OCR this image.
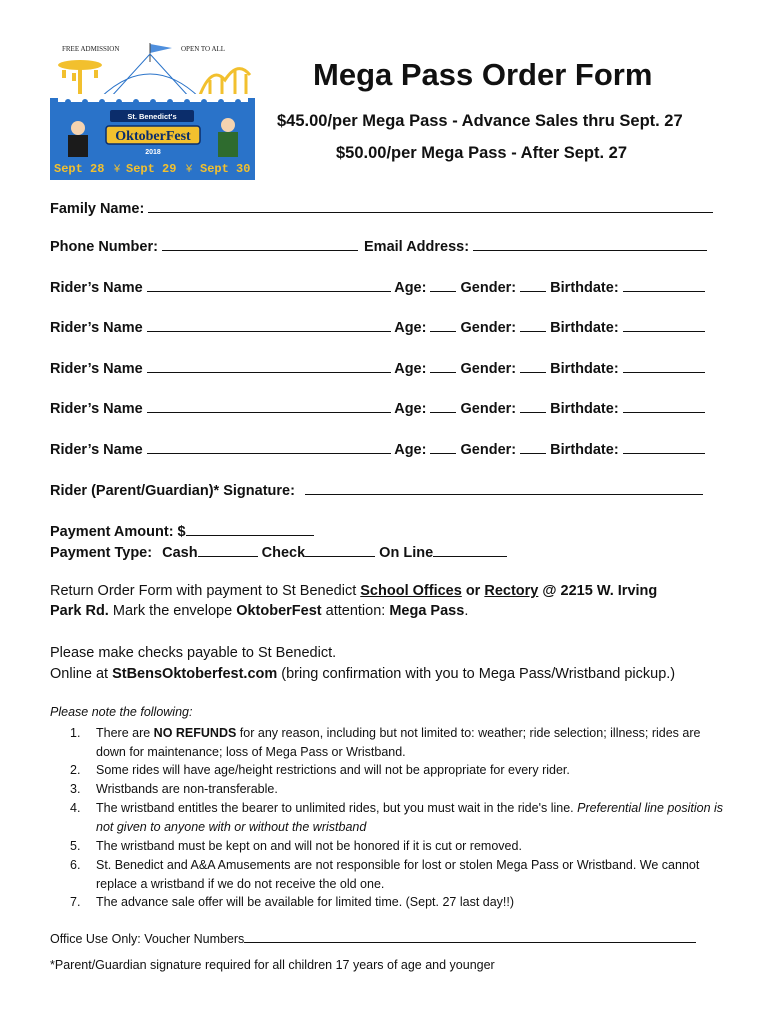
FREE ADMISSION	OPEN TO ALL
St. Benedict's
OktoberFest
2018
Sept 28 ¥ Sept 29 ¥ Sept 30
Mega Pass Order Form
$45.00/per Mega Pass - Advance Sales thru Sept. 27
$50.00/per Mega Pass - After Sept. 27
Family Name:
Phone Number:	Email Address:
Rider’s Name	Age: Gender: Birthdate:
Rider’s Name	Age: Gender: Birthdate:
Rider’s Name	Age: Gender: Birthdate:
Rider’s Name	Age: Gender: Birthdate:
Rider’s Name	Age: Gender: Birthdate:
Rider (Parent/Guardian)* Signature:
Payment Amount: $
Payment Type: Cash	Check	On Line
Return Order Form with payment to St Benedict School Offices or Rectory @ 2215 W. Irving
Park Rd. Mark the envelope OktoberFest attention: Mega Pass.
Please make checks payable to St Benedict.
Online at StBensOktoberfest.com (bring confirmation with you to Mega Pass/Wristband pickup.)
Please note the following:
1. There are NO REFUNDS for any reason, including but not limited to: weather; ride selection; illness; rides are down for maintenance; loss of Mega Pass or Wristband.
2. Some rides will have age/height restrictions and will not be appropriate for every rider.
3. Wristbands are non-transferable.
4. The wristband entitles the bearer to unlimited rides, but you must wait in the ride's line. Preferential line position is not given to anyone with or without the wristband
5. The wristband must be kept on and will not be honored if it is cut or removed.
6. St. Benedict and A&A Amusements are not responsible for lost or stolen Mega Pass or Wristband. We cannot replace a wristband if we do not receive the old one.
7. The advance sale offer will be available for limited time. (Sept. 27 last day!!)
Office Use Only: Voucher Numbers
*Parent/Guardian signature required for all children 17 years of age and younger
